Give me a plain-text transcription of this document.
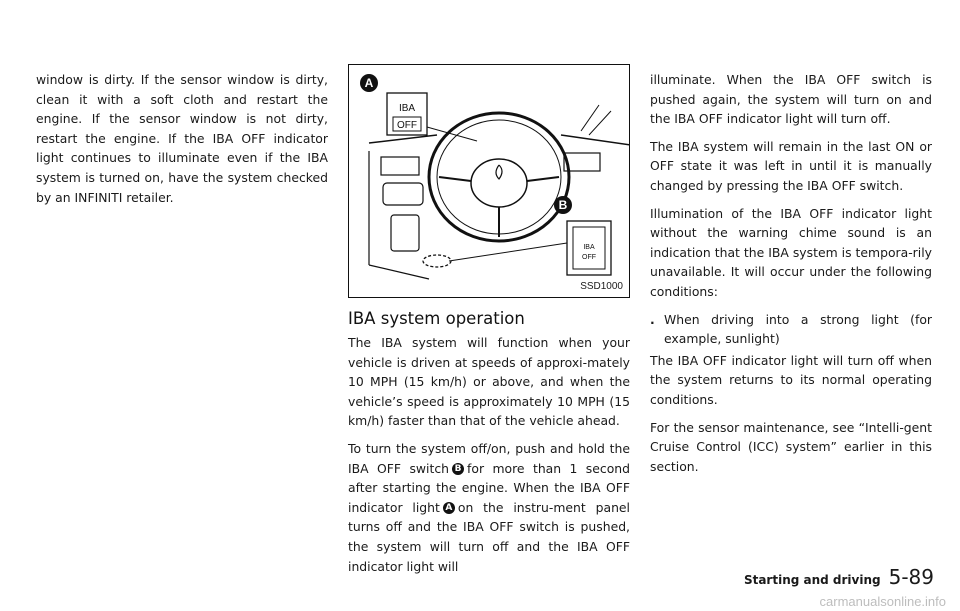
window is dirty. If the sensor window is dirty, clean it with a soft cloth and restart the engine. If the sensor window is not dirty, restart the engine. If the IBA OFF indicator light continues to illuminate even if the IBA system is turned on, have the system checked by an INFINITI retailer.

A
B
IBA
OFF
IBA
OFF
SSD1000
IBA system operation

The IBA system will function when your vehicle is driven at speeds of approxi-mately 10 MPH (15 km/h) or above, and when the vehicle’s speed is approximately 10 MPH (15 km/h) faster than that of the vehicle ahead.

To turn the system off/on, push and hold the IBA OFF switch B for more than 1 second after starting the engine. When the IBA OFF indicator light A on the instru-ment panel turns off and the IBA OFF switch is pushed, the system will turn off and the IBA OFF indicator light will

illuminate. When the IBA OFF switch is pushed again, the system will turn on and the IBA OFF indicator light will turn off.

The IBA system will remain in the last ON or OFF state it was left in until it is manually changed by pressing the IBA OFF switch.

Illumination of the IBA OFF indicator light without the warning chime sound is an indication that the IBA system is tempora-rily unavailable. It will occur under the following conditions:

. When driving into a strong light (for example, sunlight)

The IBA OFF indicator light will turn off when the system returns to its normal operating conditions.

For the sensor maintenance, see “Intelli-gent Cruise Control (ICC) system” earlier in this section.

Starting and driving 5-89
carmanualsonline.info
